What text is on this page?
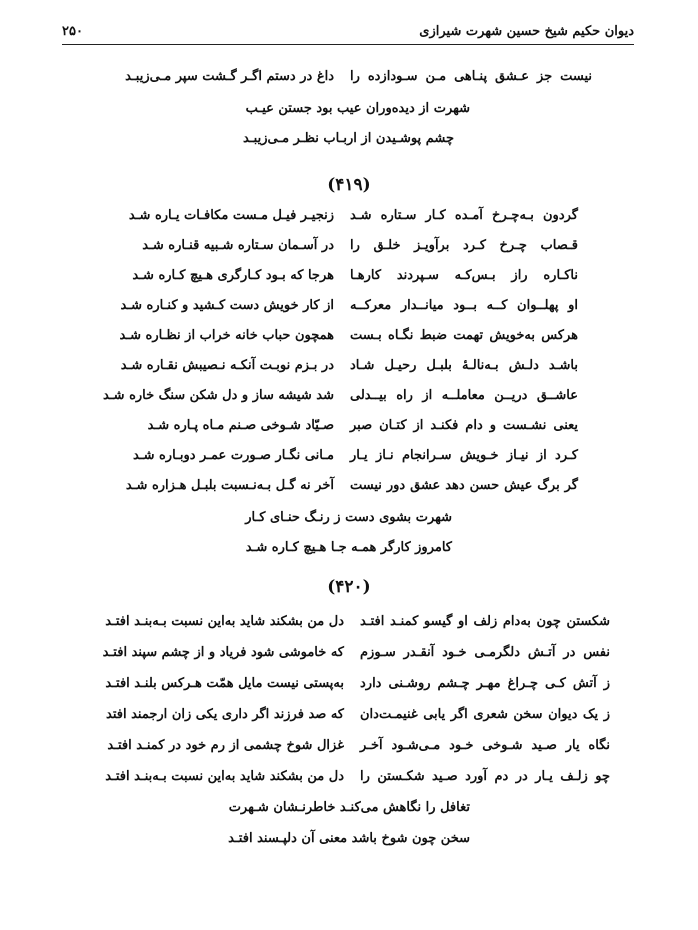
دیوان حکیم شیخ حسین شهرت شیرازی
۲۵۰
نیست جز عـشق پنـاهی مـن سـودازده را
داغ در دستم اگـر گـشت سپر مـی‌زیبـد
شهرت از دیده‌وران عیب بود جستن عیـب
چشم پوشـیدن از اربـاب نظـر مـی‌زیبـد
(۴۱۹)
گردون بـه‌چـرخ آمـده کـار سـتاره شـد
زنجیـر فیـل مـست مکافـات یـاره شـد
قـصاب چـرخ کـرد برآویـز خلـق را
در آسـمان سـتاره شـبیه قنـاره شـد
ناکـاره راز بـس‌کـه سـپردند کارهـا
هرجا که بـود کـارگری هـیچ کـاره شـد
او پهلــوان کــه بــود میانــدار معرکــه
از کار خویش دست کـشید و کنـاره شـد
هرکس به‌خویش تهمت ضبط نگـاه بـست
همچون حباب خانه خراب از نظـاره شـد
باشـد دلـش بـه‌نالـهٔ بلبـل رحیـل شـاد
در بـزم نوبـت آنکـه نـصیبش نقـاره شـد
عاشــق دریــن معاملــه از راه بیــدلی
شد شیشه ساز و دل شکن سنگ خاره شـد
یعنی نشـست و دام فکنـد از کتـان صبر
صـیّاد شـوخی صـنم مـاه پـاره شـد
کـرد از نیـاز خـویش سـرانجام نـاز یـار
مـانی نگـار صـورت عمـر دوبـاره شـد
گر برگ عیش حسن دهد عشق دور نیست
آخر نه گـل بـه‌نـسبت بلبـل هـزاره شـد
شهرت بشوی دست ز رنـگ حنـای کـار
کامروز کارگر همـه جـا هـیچ کـاره شـد
(۴۲۰)
شکستن چون به‌دام زلف او گیسو کمنـد افتـد
دل من بشکند شاید به‌این نسبت بـه‌بنـد افتـد
نفس در آتـش دلگرمـی خـود آنقـدر سـوزم
که خاموشی شود فریاد و از چشم سپند افتـد
ز آتش کـی چـراغ مهـر چـشم روشـنی دارد
به‌پستی نیست مایل همّت هـرکس بلنـد افتـد
ز یک دیوان سخن شعری اگر یابی غنیمـت‌دان
که صد فرزند اگر داری یکی زان ارجمند افتد
نگاه یار صـید شـوخی خـود مـی‌شـود آخـر
غزال شوخ چشمی از رم خود در کمنـد افتـد
چو زلـف یـار در دم آورد صـید شکـستن را
دل من بشکند شاید به‌این نسبت بـه‌بنـد افتـد
تغافل را نگاهش می‌کنـد خاطرنـشان شـهرت
سخن چون شوخ باشد معنی آن دلپـسند افتـد
